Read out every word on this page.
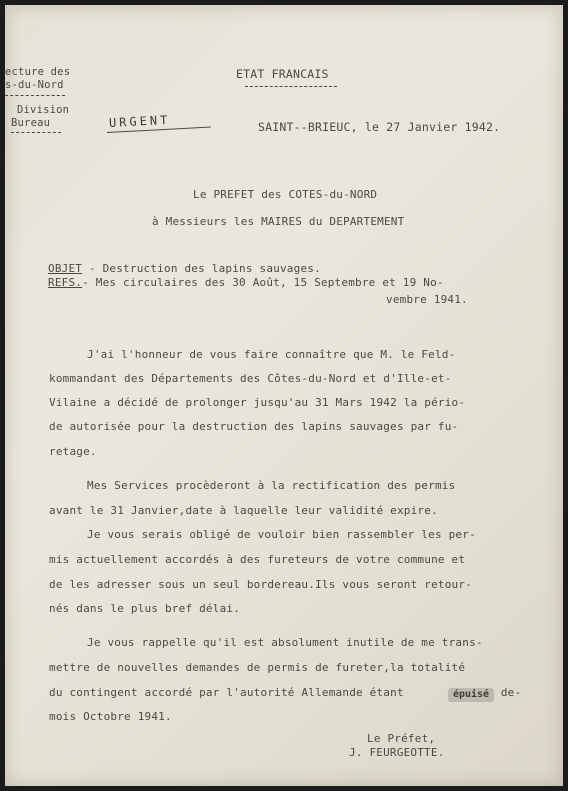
ecture des
s-du-Nord
Division
Bureau
ETAT FRANCAIS
URGENT	SAINT--BRIEUC, le 27 Janvier 1942.
Le PREFET des COTES-du-NORD
à Messieurs les MAIRES du DEPARTEMENT
OBJET - Destruction des lapins sauvages.
REFS.- Mes circulaires des 30 Août, 15 Septembre et 19 No-
vembre 1941.
J'ai l'honneur de vous faire connaître que M. le Feld-
kommandant des Départements des Côtes-du-Nord et d'Ille-et-
Vilaine a décidé de prolonger jusqu'au 31 Mars 1942 la pério-
de autorisée pour la destruction des lapins sauvages par fu-
retage.
Mes Services procèderont à la rectification des permis
avant le 31 Janvier,date à laquelle leur validité expire.
Je vous serais obligé de vouloir bien rassembler les per-
mis actuellement accordés à des fureteurs de votre commune et
de les adresser sous un seul bordereau.Ils vous seront retour-
nés dans le plus bref délai.
Je vous rappelle qu'il est absolument inutile de me trans-
mettre de nouvelles demandes de permis de fureter,la totalité
du contingent accordé par l'autorité Allemande étant	épuisé de-
mois Octobre 1941.
Le Préfet,
J. FEURGEOTTE.
